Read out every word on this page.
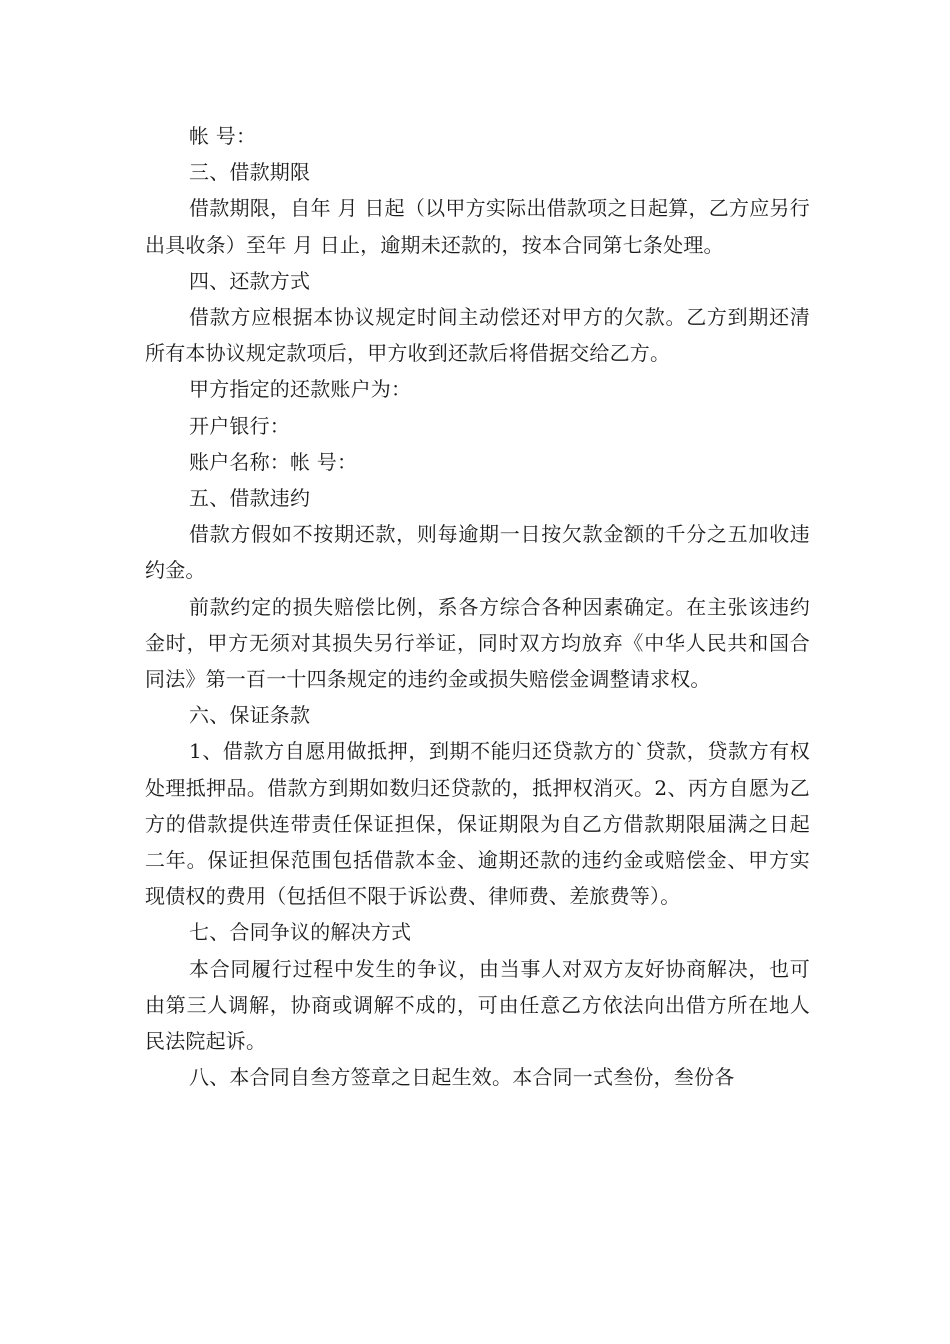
帐 号：

三、借款期限

借款期限，自年 月 日起（以甲方实际出借款项之日起算，乙方应另行出具收条）至年 月 日止，逾期未还款的，按本合同第七条处理。

四、还款方式

借款方应根据本协议规定时间主动偿还对甲方的欠款。乙方到期还清所有本协议规定款项后，甲方收到还款后将借据交给乙方。

甲方指定的还款账户为：

开户银行：

账户名称：帐 号：

五、借款违约

借款方假如不按期还款，则每逾期一日按欠款金额的千分之五加收违约金。

前款约定的损失赔偿比例，系各方综合各种因素确定。在主张该违约金时，甲方无须对其损失另行举证，同时双方均放弃《中华人民共和国合同法》第一百一十四条规定的违约金或损失赔偿金调整请求权。

六、保证条款

1、借款方自愿用做抵押，到期不能归还贷款方的`贷款，贷款方有权处理抵押品。借款方到期如数归还贷款的，抵押权消灭。2、丙方自愿为乙方的借款提供连带责任保证担保，保证期限为自乙方借款期限届满之日起二年。保证担保范围包括借款本金、逾期还款的违约金或赔偿金、甲方实现债权的费用（包括但不限于诉讼费、律师费、差旅费等）。

七、合同争议的解决方式

本合同履行过程中发生的争议，由当事人对双方友好协商解决，也可由第三人调解，协商或调解不成的，可由任意乙方依法向出借方所在地人民法院起诉。

八、本合同自叁方签章之日起生效。本合同一式叁份，叁份各
